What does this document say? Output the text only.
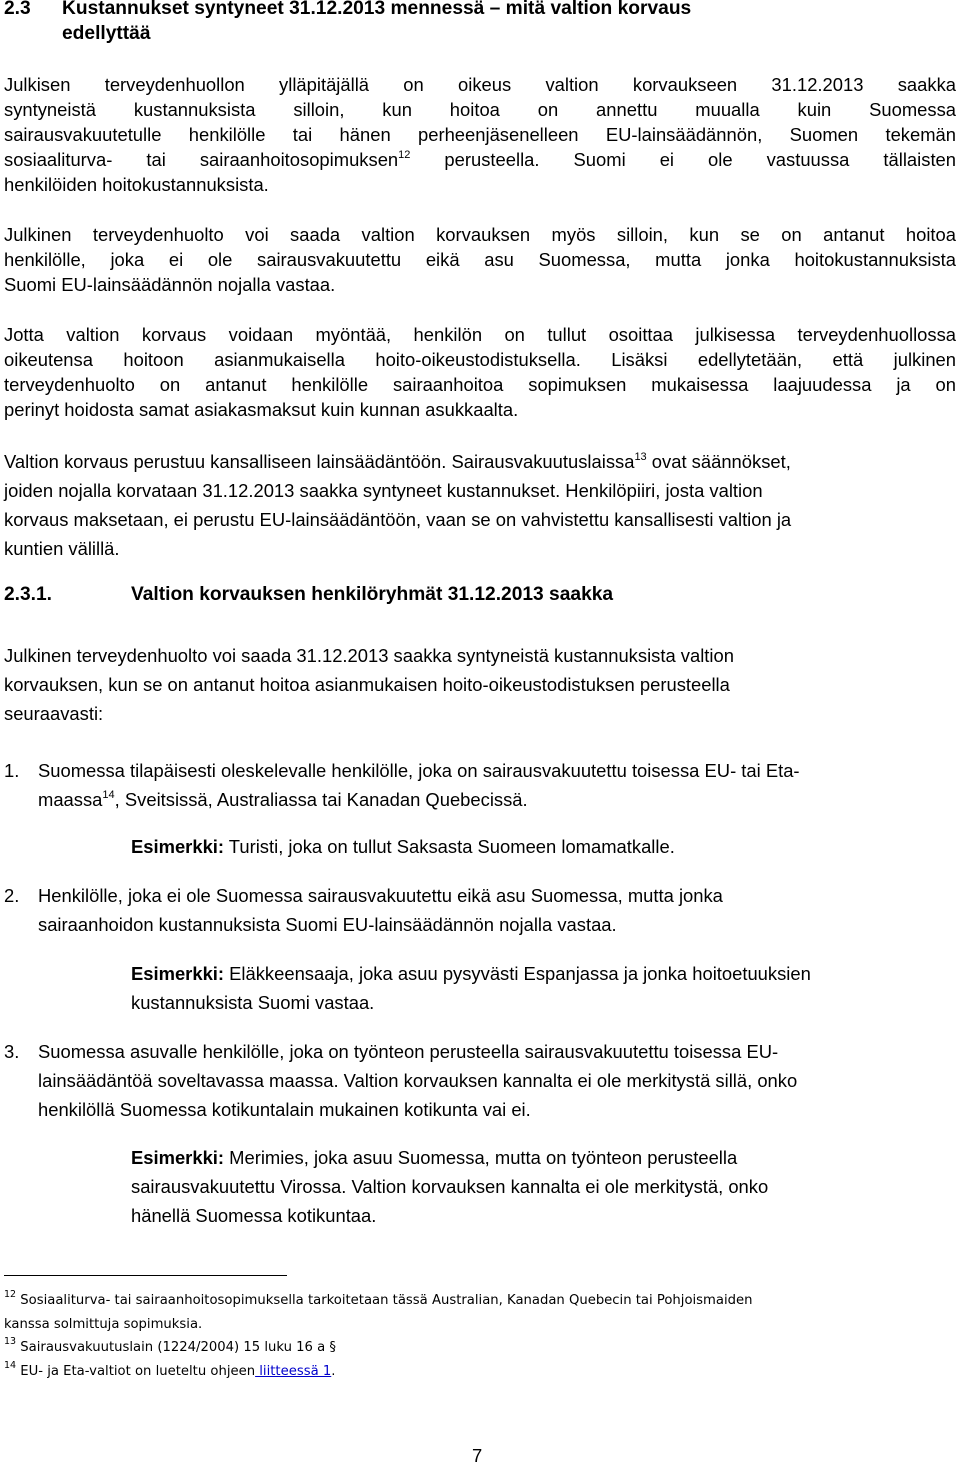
2.3 Kustannukset syntyneet 31.12.2013 mennessä – mitä valtion korvaus
edellyttää
Julkisen terveydenhuollon ylläpitäjällä on oikeus valtion korvaukseen 31.12.2013 saakka
syntyneistä kustannuksista silloin, kun hoitoa on annettu muualla kuin Suomessa
sairausvakuutetulle henkilölle tai hänen perheenjäsenelleen EU-lainsäädännön, Suomen tekemän
sosiaaliturva- tai sairaanhoitosopimuksen$^{12}$ perusteella. Suomi ei ole vastuussa tällaisten
henkilöiden hoitokustannuksista.
Julkinen terveydenhuolto voi saada valtion korvauksen myös silloin, kun se on antanut hoitoa
henkilölle, joka ei ole sairausvakuutettu eikä asu Suomessa, mutta jonka hoitokustannuksista
Suomi EU-lainsäädännön nojalla vastaa.
Jotta valtion korvaus voidaan myöntää, henkilön on tullut osoittaa julkisessa terveydenhuollossa
oikeutensa hoitoon asianmukaisella hoito-oikeustodistuksella. Lisäksi edellytetään, että julkinen
terveydenhuolto on antanut henkilölle sairaanhoitoa sopimuksen mukaisessa laajuudessa ja on
perinyt hoidosta samat asiakasmaksut kuin kunnan asukkaalta.
Valtion korvaus perustuu kansalliseen lainsäädäntöön. Sairausvakuutuslaissa$^{13}$ ovat säännökset,
joiden nojalla korvataan 31.12.2013 saakka syntyneet kustannukset. Henkilöpiiri, josta valtion
korvaus maksetaan, ei perustu EU-lainsäädäntöön, vaan se on vahvistettu kansallisesti valtion ja
kuntien välillä.
2.3.1.	Valtion korvauksen henkilöryhmät 31.12.2013 saakka
Julkinen terveydenhuolto voi saada 31.12.2013 saakka syntyneistä kustannuksista valtion
korvauksen, kun se on antanut hoitoa asianmukaisen hoito-oikeustodistuksen perusteella
seuraavasti:
1.	Suomessa tilapäisesti oleskelevalle henkilölle, joka on sairausvakuutettu toisessa EU- tai Eta-
maassa$^{14}$, Sveitsissä, Australiassa tai Kanadan Quebecissä.
Esimerkki: Turisti, joka on tullut Saksasta Suomeen lomamatkalle.
2.	Henkilölle, joka ei ole Suomessa sairausvakuutettu eikä asu Suomessa, mutta jonka
sairaanhoidon kustannuksista Suomi EU-lainsäädännön nojalla vastaa.
Esimerkki: Eläkkeensaaja, joka asuu pysyvästi Espanjassa ja jonka hoitoetuuksien
kustannuksista Suomi vastaa.
3.	Suomessa asuvalle henkilölle, joka on työnteon perusteella sairausvakuutettu toisessa EU-
lainsäädäntöä soveltavassa maassa. Valtion korvauksen kannalta ei ole merkitystä sillä, onko
henkilöllä Suomessa kotikuntalain mukainen kotikunta vai ei.
Esimerkki: Merimies, joka asuu Suomessa, mutta on työnteon perusteella
sairausvakuutettu Virossa. Valtion korvauksen kannalta ei ole merkitystä, onko
hänellä Suomessa kotikuntaa.
$^{12}$ Sosiaaliturva- tai sairaanhoitosopimuksella tarkoitetaan tässä Australian, Kanadan Quebecin tai Pohjoismaiden
kanssa solmittuja sopimuksia.
$^{13}$ Sairausvakuutuslain (1224/2004) 15 luku 16 a §
$^{14}$ EU- ja Eta-valtiot on lueteltu ohjeen liitteessä 1.
7
